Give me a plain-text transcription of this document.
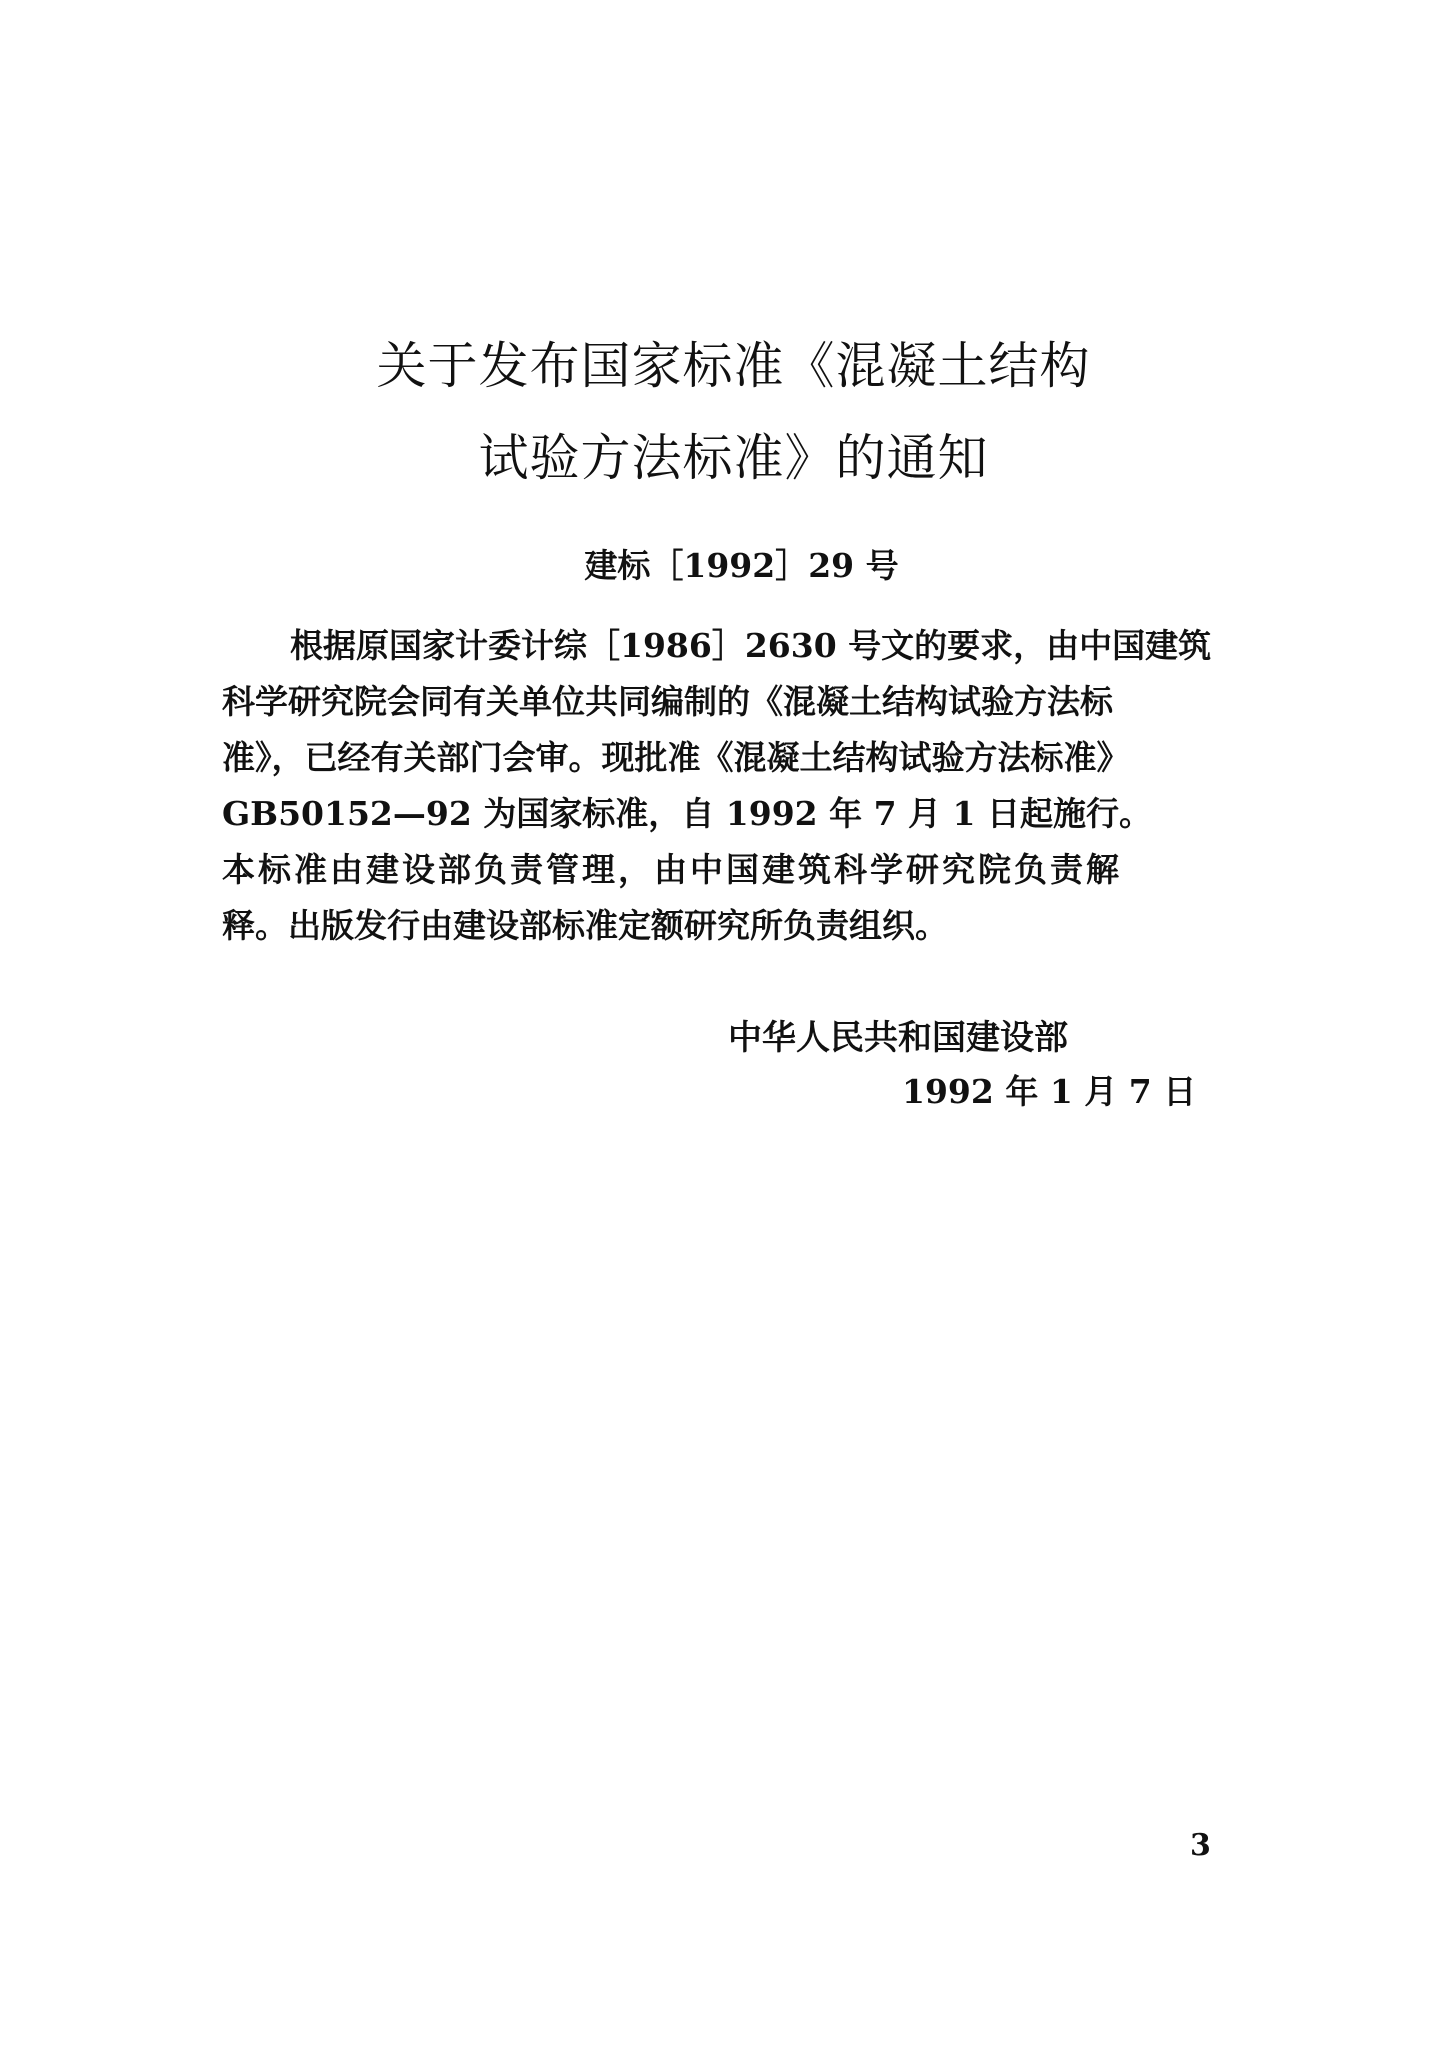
关于发布国家标准《混凝土结构
试验方法标准》的通知
建标［1992］29 号
根据原国家计委计综［1986］2630 号文的要求，由中国建筑
科学研究院会同有关单位共同编制的《混凝土结构试验方法标
准》，已经有关部门会审。现批准《混凝土结构试验方法标准》
GB50152—92 为国家标准，自 1992 年 7 月 1 日起施行。
本标准由建设部负责管理，由中国建筑科学研究院负责解
释。出版发行由建设部标准定额研究所负责组织。
中华人民共和国建设部
1992 年 1 月 7 日
3
